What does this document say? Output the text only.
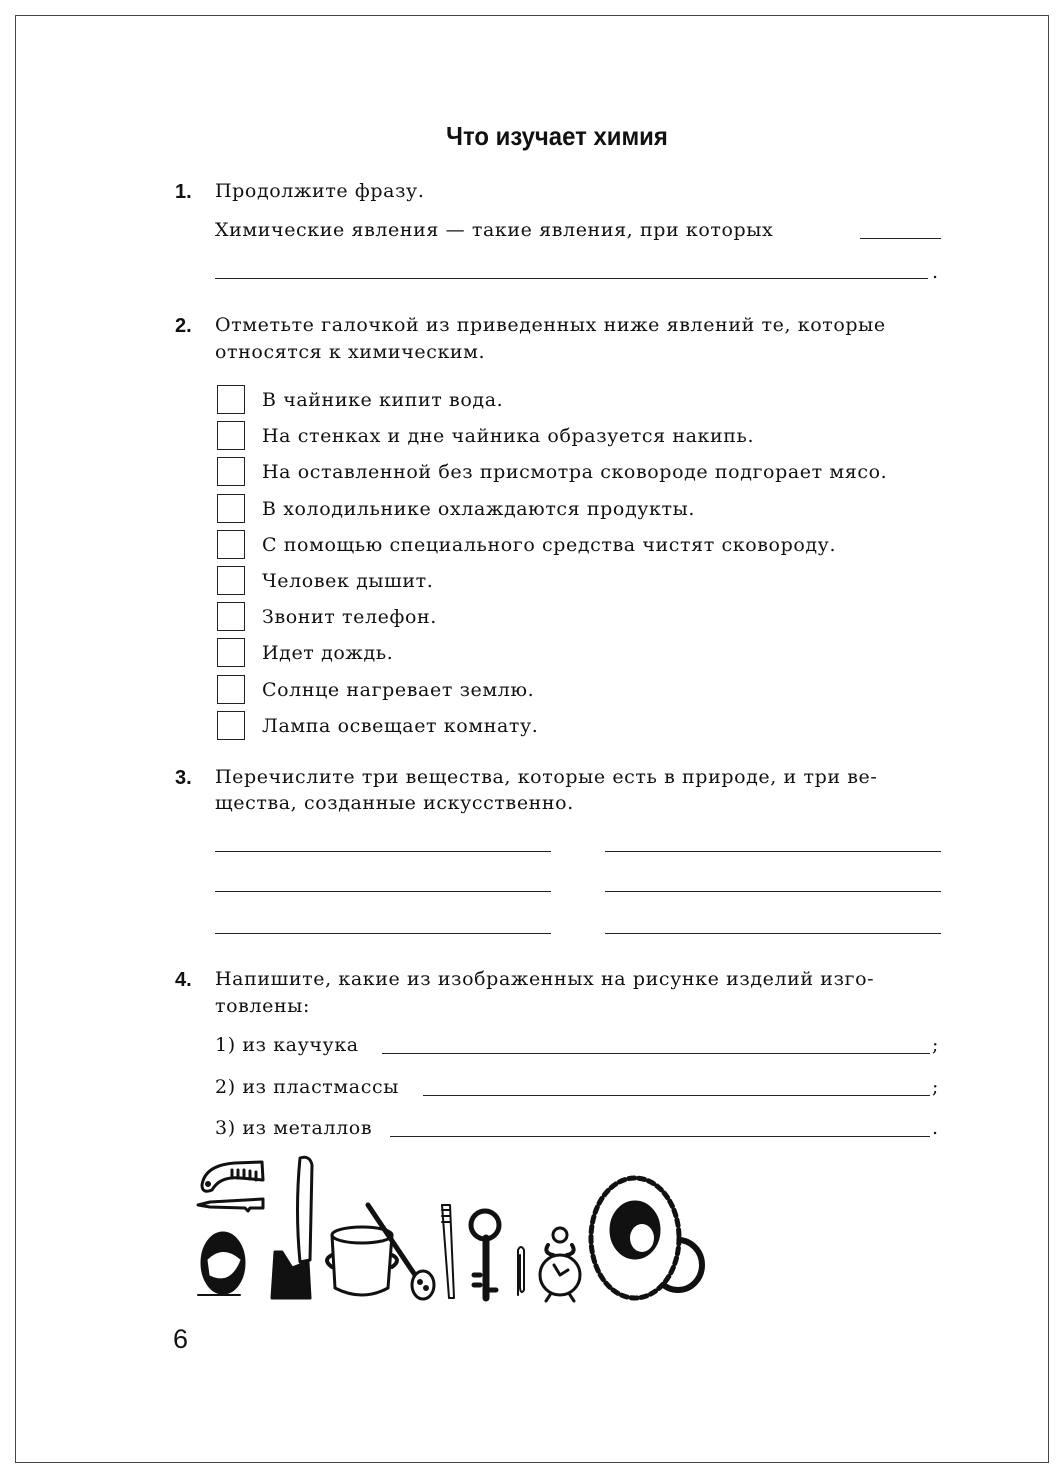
Что изучает химия
1. Продолжите фразу.
Химические явления — такие явления, при которых
.
2. Отметьте галочкой из приведенных ниже явлений те, которые
относятся к химическим.
В чайнике кипит вода.
На стенках и дне чайника образуется накипь.
На оставленной без присмотра сковороде подгорает мясо.
В холодильнике охлаждаются продукты.
С помощью специального средства чистят сковороду.
Человек дышит.
Звонит телефон.
Идет дождь.
Солнце нагревает землю.
Лампа освещает комнату.
3. Перечислите три вещества, которые есть в природе, и три ве-
щества, созданные искусственно.
4. Напишите, какие из изображенных на рисунке изделий изго-
товлены:
1) из каучука	;
2) из пластмассы	;
3) из металлов	.
6
